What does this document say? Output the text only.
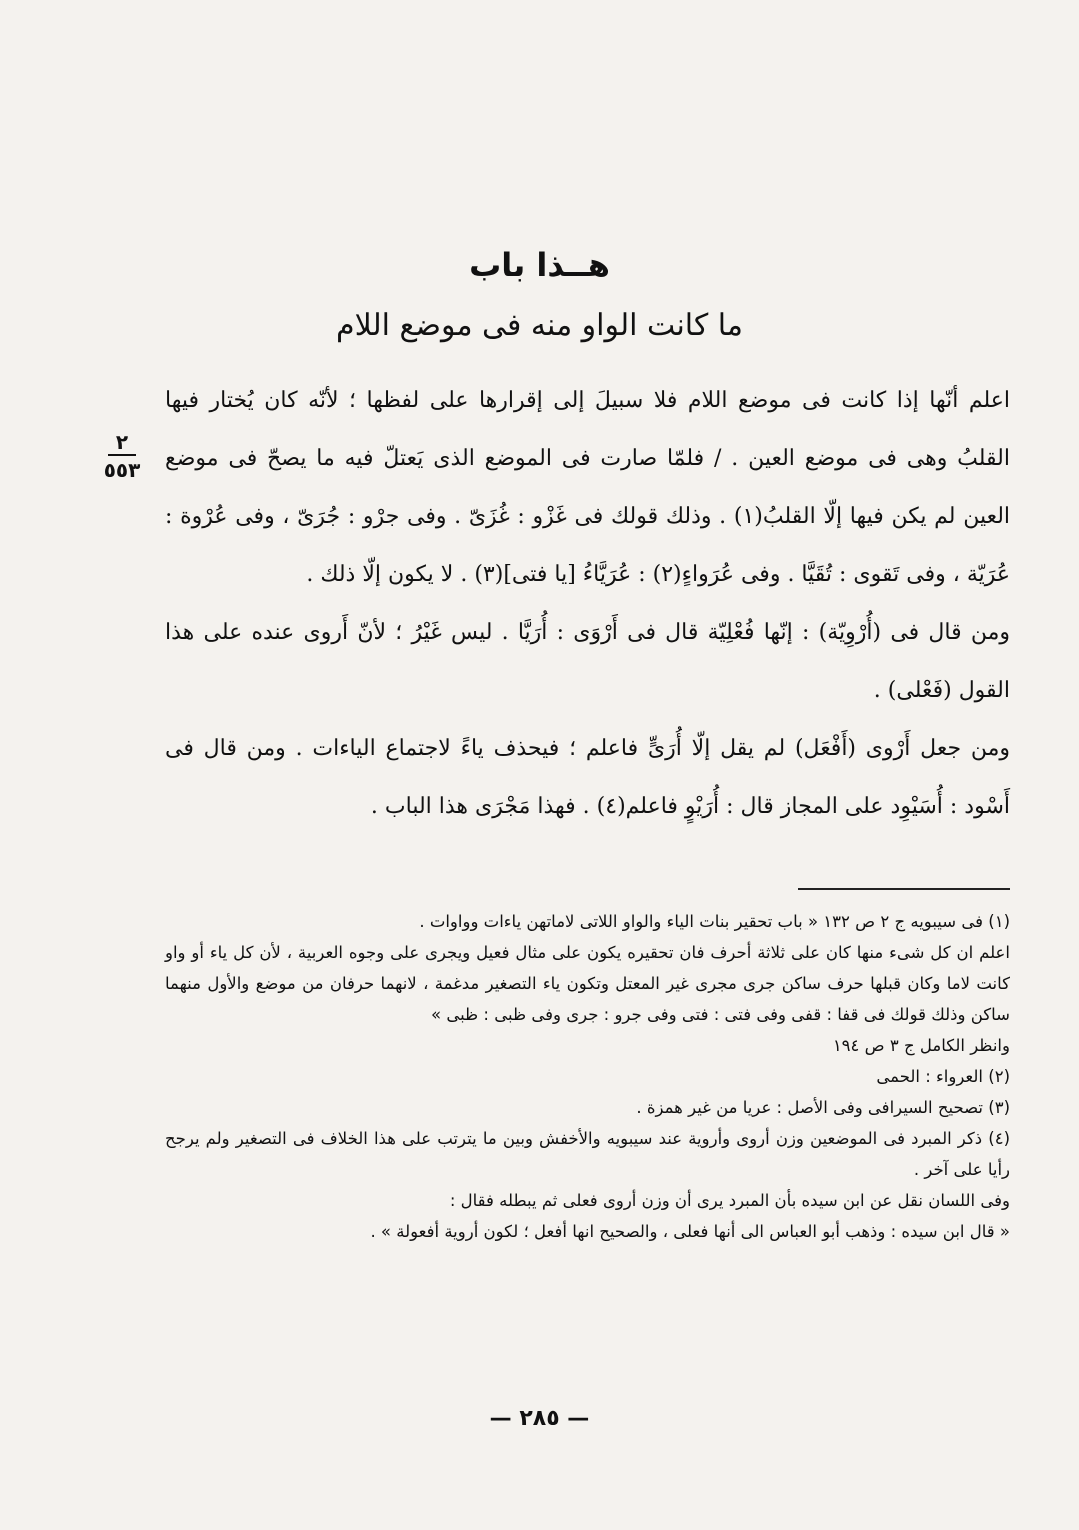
هــذا باب
ما كانت الواو منه فى موضع اللام
٢
٥٥٣

اعلم أنّها إذا كانت فى موضع اللام فلا سبيلَ إلى إقرارها على لفظها ؛ لأنّه كان يُختار فيها القلبُ وهى فى موضع العين . / فلمّا صارت فى الموضع الذى يَعتلّ فيه ما يصحّ فى موضع العين لم يكن فيها إلّا القلبُ(١) . وذلك قولك فى غَزْو : غُزَىّ . وفى جرْو : جُرَىّ ، وفى عُرْوة : عُرَيّة ، وفى تَقوى : تُقَيَّا . وفى عُرَواءٍ(٢) : عُرَيَّاءُ [يا فتى](٣) . لا يكون إلّا ذلك .

ومن قال فى (أُرْوِيّة) : إنّها فُعْلِيّة قال فى أَرْوَى : أُرَيَّا . ليس غَيْرُ ؛ لأنّ أَروى عنده على هذا القول (فَعْلى) .

ومن جعل أَرْوى (أَفْعَل) لم يقل إلّا أُرَىٍّ فاعلم ؛ فيحذف ياءً لاجتماع الياءات . ومن قال فى أَسْود : أُسَيْوِد على المجاز قال : أُرَيْوٍ فاعلم(٤) . فهذا مَجْرَى هذا الباب .

(١) فى سيبويه ج ٢ ص ١٣٢ « باب تحقير بنات الياء والواو اللاتى لاماتهن ياءات وواوات .

اعلم ان كل شىء منها كان على ثلاثة أحرف فان تحقيره يكون على مثال فعيل ويجرى على وجوه العربية ، لأن كل ياء أو واو كانت لاما وكان قبلها حرف ساكن جرى مجرى غير المعتل وتكون ياء التصغير مدغمة ، لانهما حرفان من موضع والأول منهما ساكن وذلك قولك فى قفا : قفى وفى فتى : فتى وفى جرو : جرى وفى ظبى : ظبى »

وانظر الكامل ج ٣ ص ١٩٤

(٢) العرواء : الحمى

(٣) تصحيح السيرافى وفى الأصل : عريا من غير همزة .

(٤) ذكر المبرد فى الموضعين وزن أروى وأروية عند سيبويه والأخفش وبين ما يترتب على هذا الخلاف فى التصغير ولم يرجح رأيا على آخر .

وفى اللسان نقل عن ابن سيده بأن المبرد يرى أن وزن أروى فعلى ثم يبطله فقال :

« قال ابن سيده : وذهب أبو العباس الى أنها فعلى ، والصحيح انها أفعل ؛ لكون أروية أفعولة » .

— ٢٨٥ —
